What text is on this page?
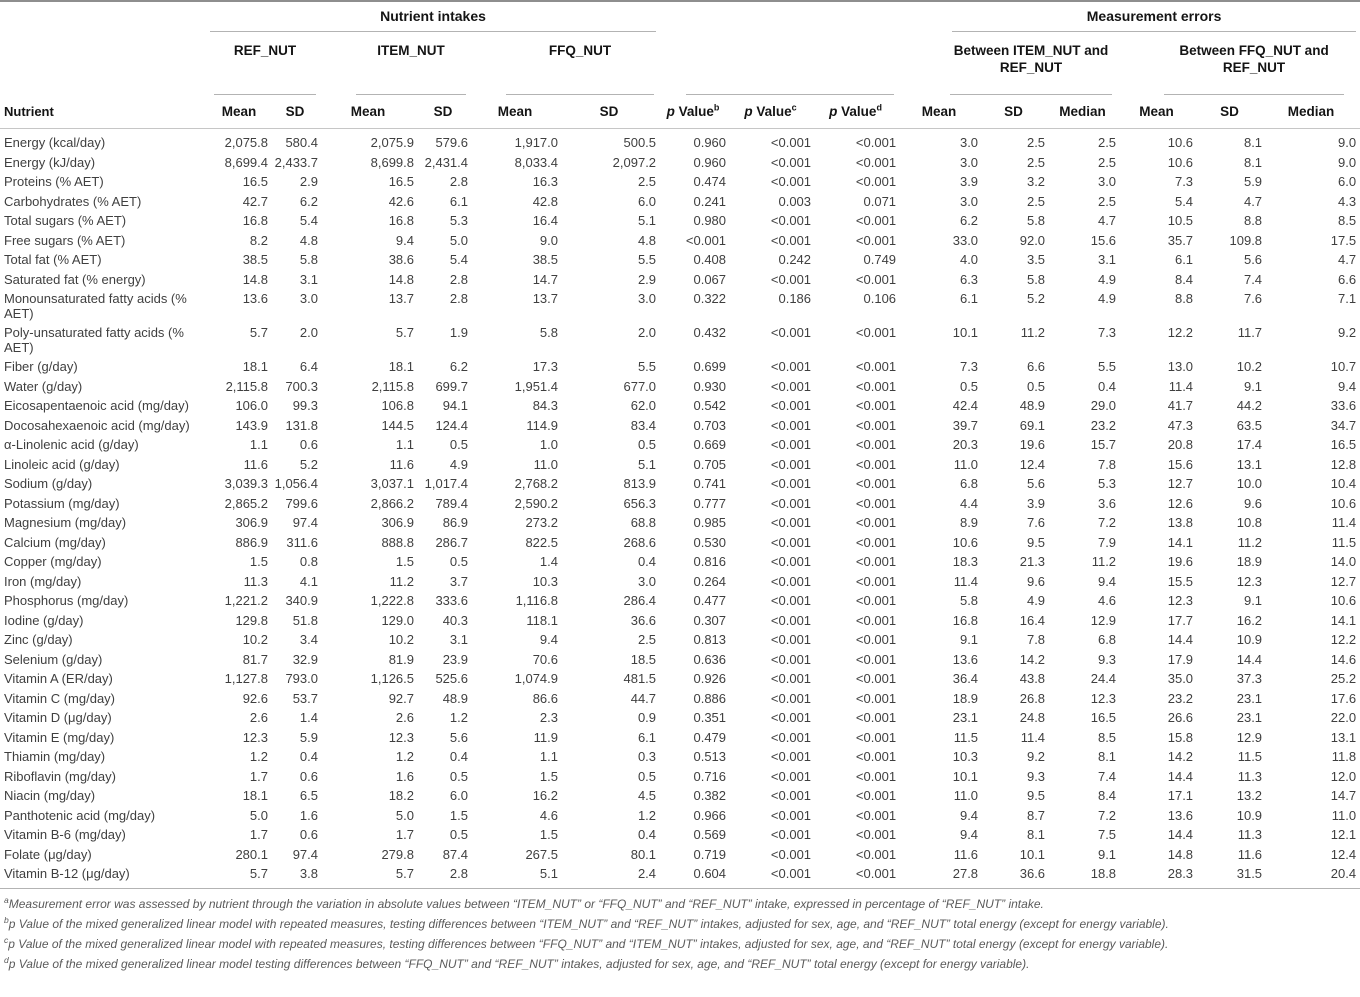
	Nutrient intakes									Measurement errors					

	REF_NUT		ITEM_NUT		FFQ_NUT					Between ITEM_NUT and REF_NUT			Between FFQ_NUT and REF_NUT		

Nutrient	Mean	SD	Mean	SD	Mean	SD	p Value$^b$	p Value$^c$	p Value$^d$	Mean	SD	Median	Mean	SD	Median
Energy (kcal/day)	2,075.8	580.4	2,075.9	579.6	1,917.0	500.5	0.960	<0.001	<0.001	3.0	2.5	2.5	10.6	8.1	9.0
Energy (kJ/day)	8,699.4	2,433.7	8,699.8	2,431.4	8,033.4	2,097.2	0.960	<0.001	<0.001	3.0	2.5	2.5	10.6	8.1	9.0
Proteins (% AET)	16.5	2.9	16.5	2.8	16.3	2.5	0.474	<0.001	<0.001	3.9	3.2	3.0	7.3	5.9	6.0
Carbohydrates (% AET)	42.7	6.2	42.6	6.1	42.8	6.0	0.241	0.003	0.071	3.0	2.5	2.5	5.4	4.7	4.3
Total sugars (% AET)	16.8	5.4	16.8	5.3	16.4	5.1	0.980	<0.001	<0.001	6.2	5.8	4.7	10.5	8.8	8.5
Free sugars (% AET)	8.2	4.8	9.4	5.0	9.0	4.8	<0.001	<0.001	<0.001	33.0	92.0	15.6	35.7	109.8	17.5
Total fat (% AET)	38.5	5.8	38.6	5.4	38.5	5.5	0.408	0.242	0.749	4.0	3.5	3.1	6.1	5.6	4.7
Saturated fat (% energy)	14.8	3.1	14.8	2.8	14.7	2.9	0.067	<0.001	<0.001	6.3	5.8	4.9	8.4	7.4	6.6
Monounsaturated fatty acids (% AET)	13.6	3.0	13.7	2.8	13.7	3.0	0.322	0.186	0.106	6.1	5.2	4.9	8.8	7.6	7.1
Poly-unsaturated fatty acids (% AET)	5.7	2.0	5.7	1.9	5.8	2.0	0.432	<0.001	<0.001	10.1	11.2	7.3	12.2	11.7	9.2
Fiber (g/day)	18.1	6.4	18.1	6.2	17.3	5.5	0.699	<0.001	<0.001	7.3	6.6	5.5	13.0	10.2	10.7
Water (g/day)	2,115.8	700.3	2,115.8	699.7	1,951.4	677.0	0.930	<0.001	<0.001	0.5	0.5	0.4	11.4	9.1	9.4
Eicosapentaenoic acid (mg/day)	106.0	99.3	106.8	94.1	84.3	62.0	0.542	<0.001	<0.001	42.4	48.9	29.0	41.7	44.2	33.6
Docosahexaenoic acid (mg/day)	143.9	131.8	144.5	124.4	114.9	83.4	0.703	<0.001	<0.001	39.7	69.1	23.2	47.3	63.5	34.7
α-Linolenic acid (g/day)	1.1	0.6	1.1	0.5	1.0	0.5	0.669	<0.001	<0.001	20.3	19.6	15.7	20.8	17.4	16.5
Linoleic acid (g/day)	11.6	5.2	11.6	4.9	11.0	5.1	0.705	<0.001	<0.001	11.0	12.4	7.8	15.6	13.1	12.8
Sodium (g/day)	3,039.3	1,056.4	3,037.1	1,017.4	2,768.2	813.9	0.741	<0.001	<0.001	6.8	5.6	5.3	12.7	10.0	10.4
Potassium (mg/day)	2,865.2	799.6	2,866.2	789.4	2,590.2	656.3	0.777	<0.001	<0.001	4.4	3.9	3.6	12.6	9.6	10.6
Magnesium (mg/day)	306.9	97.4	306.9	86.9	273.2	68.8	0.985	<0.001	<0.001	8.9	7.6	7.2	13.8	10.8	11.4
Calcium (mg/day)	886.9	311.6	888.8	286.7	822.5	268.6	0.530	<0.001	<0.001	10.6	9.5	7.9	14.1	11.2	11.5
Copper (mg/day)	1.5	0.8	1.5	0.5	1.4	0.4	0.816	<0.001	<0.001	18.3	21.3	11.2	19.6	18.9	14.0
Iron (mg/day)	11.3	4.1	11.2	3.7	10.3	3.0	0.264	<0.001	<0.001	11.4	9.6	9.4	15.5	12.3	12.7
Phosphorus (mg/day)	1,221.2	340.9	1,222.8	333.6	1,116.8	286.4	0.477	<0.001	<0.001	5.8	4.9	4.6	12.3	9.1	10.6
Iodine (g/day)	129.8	51.8	129.0	40.3	118.1	36.6	0.307	<0.001	<0.001	16.8	16.4	12.9	17.7	16.2	14.1
Zinc (g/day)	10.2	3.4	10.2	3.1	9.4	2.5	0.813	<0.001	<0.001	9.1	7.8	6.8	14.4	10.9	12.2
Selenium (g/day)	81.7	32.9	81.9	23.9	70.6	18.5	0.636	<0.001	<0.001	13.6	14.2	9.3	17.9	14.4	14.6
Vitamin A (ER/day)	1,127.8	793.0	1,126.5	525.6	1,074.9	481.5	0.926	<0.001	<0.001	36.4	43.8	24.4	35.0	37.3	25.2
Vitamin C (mg/day)	92.6	53.7	92.7	48.9	86.6	44.7	0.886	<0.001	<0.001	18.9	26.8	12.3	23.2	23.1	17.6
Vitamin D (μg/day)	2.6	1.4	2.6	1.2	2.3	0.9	0.351	<0.001	<0.001	23.1	24.8	16.5	26.6	23.1	22.0
Vitamin E (mg/day)	12.3	5.9	12.3	5.6	11.9	6.1	0.479	<0.001	<0.001	11.5	11.4	8.5	15.8	12.9	13.1
Thiamin (mg/day)	1.2	0.4	1.2	0.4	1.1	0.3	0.513	<0.001	<0.001	10.3	9.2	8.1	14.2	11.5	11.8
Riboflavin (mg/day)	1.7	0.6	1.6	0.5	1.5	0.5	0.716	<0.001	<0.001	10.1	9.3	7.4	14.4	11.3	12.0
Niacin (mg/day)	18.1	6.5	18.2	6.0	16.2	4.5	0.382	<0.001	<0.001	11.0	9.5	8.4	17.1	13.2	14.7
Panthotenic acid (mg/day)	5.0	1.6	5.0	1.5	4.6	1.2	0.966	<0.001	<0.001	9.4	8.7	7.2	13.6	10.9	11.0
Vitamin B-6 (mg/day)	1.7	0.6	1.7	0.5	1.5	0.4	0.569	<0.001	<0.001	9.4	8.1	7.5	14.4	11.3	12.1
Folate (μg/day)	280.1	97.4	279.8	87.4	267.5	80.1	0.719	<0.001	<0.001	11.6	10.1	9.1	14.8	11.6	12.4
Vitamin B-12 (μg/day)	5.7	3.8	5.7	2.8	5.1	2.4	0.604	<0.001	<0.001	27.8	36.6	18.8	28.3	31.5	20.4

$^a$Measurement error was assessed by nutrient through the variation in absolute values between “ITEM_NUT” or “FFQ_NUT” and “REF_NUT” intake, expressed in percentage of “REF_NUT” intake.

$^b$p Value of the mixed generalized linear model with repeated measures, testing differences between “ITEM_NUT” and “REF_NUT” intakes, adjusted for sex, age, and “REF_NUT” total energy (except for energy variable).

$^c$p Value of the mixed generalized linear model with repeated measures, testing differences between “FFQ_NUT” and “ITEM_NUT” intakes, adjusted for sex, age, and “REF_NUT” total energy (except for energy variable).

$^d$p Value of the mixed generalized linear model testing differences between “FFQ_NUT” and “REF_NUT” intakes, adjusted for sex, age, and “REF_NUT” total energy (except for energy variable).
